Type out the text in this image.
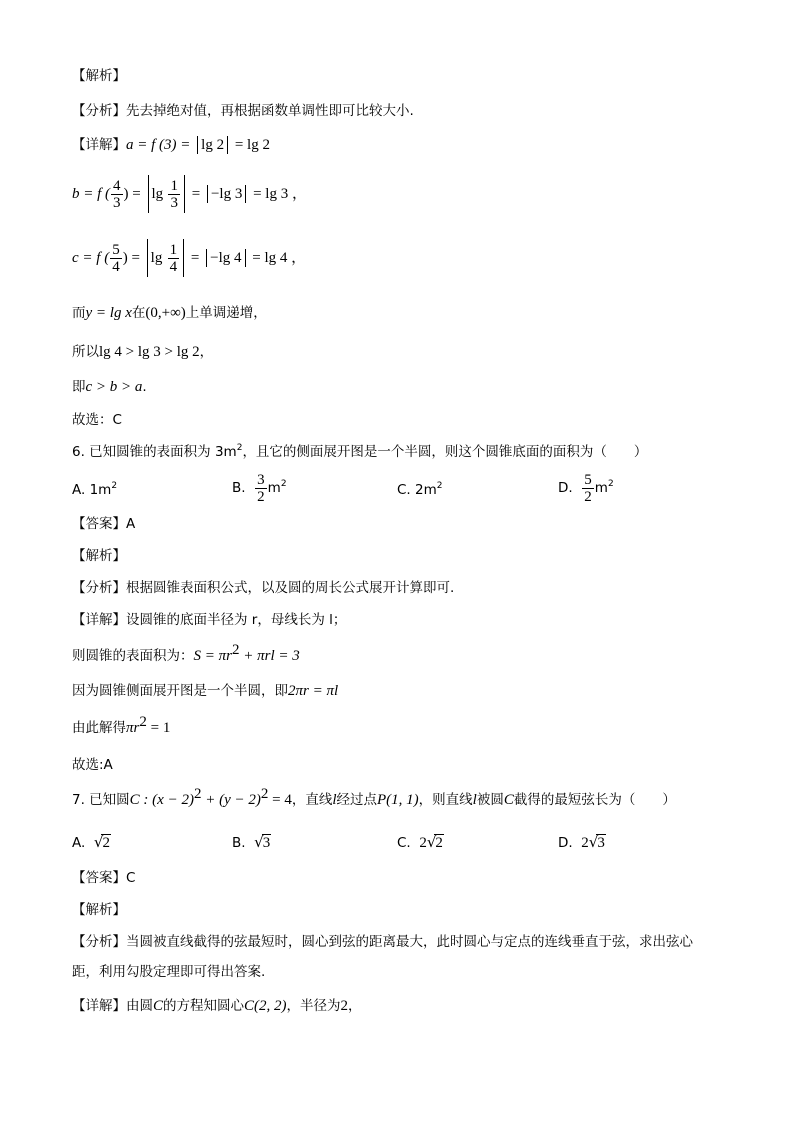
【解析】
【分析】先去掉绝对值，再根据函数单调性即可比较大小.
【详解】a = f (3) = lg 2 = lg 2
b = f ( $\frac{4}{3}$ ) = $\lg \frac{1}{3} = -\lg$ 3 = lg 3 ，
c = f ( $\frac{5}{4}$ ) = $\lg \frac{1}{4} = -\lg$ 4 = lg 4 ，
而y = lg x在(0,+∞)上单调递增，
所以lg 4 > lg 3 > lg 2，
即c > b > a.
故选：C
6. 已知圆锥的表面积为 $3m^2$，且它的侧面展开图是一个半圆，则这个圆锥底面的面积为（　　）
A. $1m^2$	B. $\frac{3}{2} m^2$	C. $2m^2$	D. $\frac{5}{2} m^2$
【答案】A
【解析】
【分析】根据圆锥表面积公式，以及圆的周长公式展开计算即可.
【详解】设圆锥的底面半径为 r，母线长为 l；
则圆锥的表面积为：$S = \pi r^2 + \pi rl = 3$
因为圆锥侧面展开图是一个半圆，即2πr = πl
由此解得$\pi r^2 = 1$
故选:A
7. 已知圆C : $(x - 2)^2 + (y - 2)^2 = 4$，直线l经过点P(1, 1)，则直线l被圆C截得的最短弦长为（　　）
A. √2	B. √3	C. 2√2	D. 2√3
【答案】C
【解析】
【分析】当圆被直线截得的弦最短时，圆心到弦的距离最大，此时圆心与定点的连线垂直于弦，求出弦心
距，利用勾股定理即可得出答案.
【详解】由圆C的方程知圆心C(2, 2)，半径为2，
